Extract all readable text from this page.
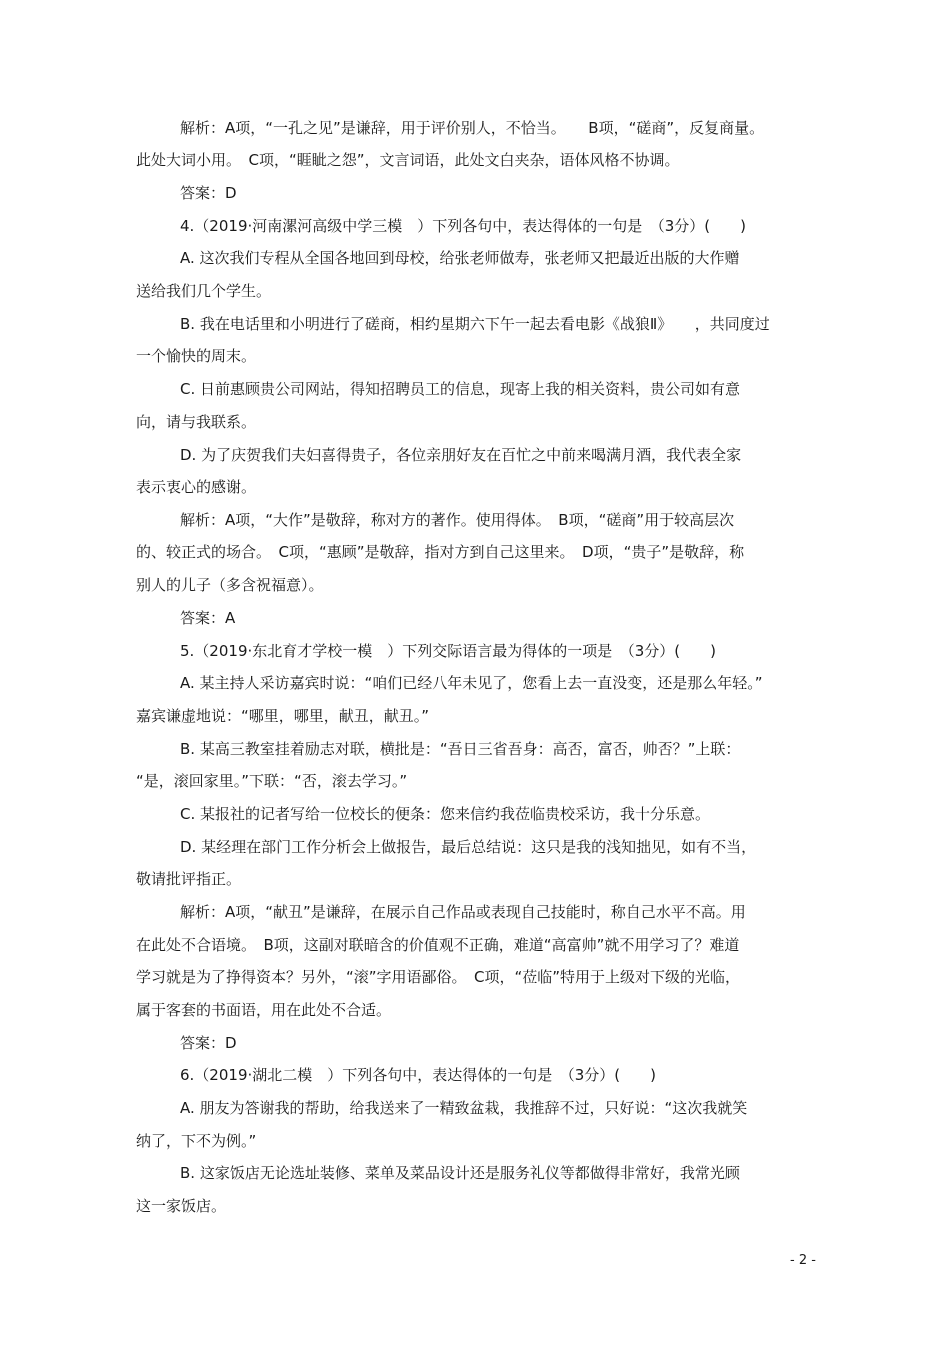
解析：A项，“一孔之见”是谦辞，用于评价别人，不恰当。　　B项，“磋商”，反复商量。
此处大词小用。　C项，“睚眦之怨”，文言词语，此处文白夹杂，语体风格不协调。
答案：D
4.（2019·河南漯河高级中学三模　）下列各句中，表达得体的一句是　（3分）(　　)
A. 这次我们专程从全国各地回到母校，给张老师做寿，张老师又把最近出版的大作赠
送给我们几个学生。
B. 我在电话里和小明进行了磋商，相约星期六下午一起去看电影《战狼Ⅱ》　　，共同度过
一个愉快的周末。
C. 日前惠顾贵公司网站，得知招聘员工的信息，现寄上我的相关资料，贵公司如有意
向，请与我联系。
D. 为了庆贺我们夫妇喜得贵子，各位亲朋好友在百忙之中前来喝满月酒，我代表全家
表示衷心的感谢。
解析：A项，“大作”是敬辞，称对方的著作。使用得体。　B项，“磋商”用于较高层次
的、较正式的场合。　C项，“惠顾”是敬辞，指对方到自己这里来。　D项，“贵子”是敬辞，称
别人的儿子（多含祝福意）。
答案：A
5.（2019·东北育才学校一模　）下列交际语言最为得体的一项是　（3分）(　　)
A. 某主持人采访嘉宾时说：“咱们已经八年未见了，您看上去一直没变，还是那么年轻。”
嘉宾谦虚地说：“哪里，哪里，献丑，献丑。”
B. 某高三教室挂着励志对联，横批是：“吾日三省吾身：高否，富否，帅否？”上联：
“是，滚回家里。”下联：“否，滚去学习。”
C. 某报社的记者写给一位校长的便条：您来信约我莅临贵校采访，我十分乐意。
D. 某经理在部门工作分析会上做报告，最后总结说：这只是我的浅知拙见，如有不当，
敬请批评指正。
解析：A项，“献丑”是谦辞，在展示自己作品或表现自己技能时，称自己水平不高。用
在此处不合语境。　B项，这副对联暗含的价值观不正确，难道“高富帅”就不用学习了？难道
学习就是为了挣得资本？另外，“滚”字用语鄙俗。　C项，“莅临”特用于上级对下级的光临，
属于客套的书面语，用在此处不合适。
答案：D
6.（2019·湖北二模　）下列各句中，表达得体的一句是　（3分）(　　)
A. 朋友为答谢我的帮助，给我送来了一精致盆栽，我推辞不过，只好说：“这次我就笑
纳了，下不为例。”
B. 这家饭店无论选址装修、菜单及菜品设计还是服务礼仪等都做得非常好，我常光顾
这一家饭店。
- 2 -
